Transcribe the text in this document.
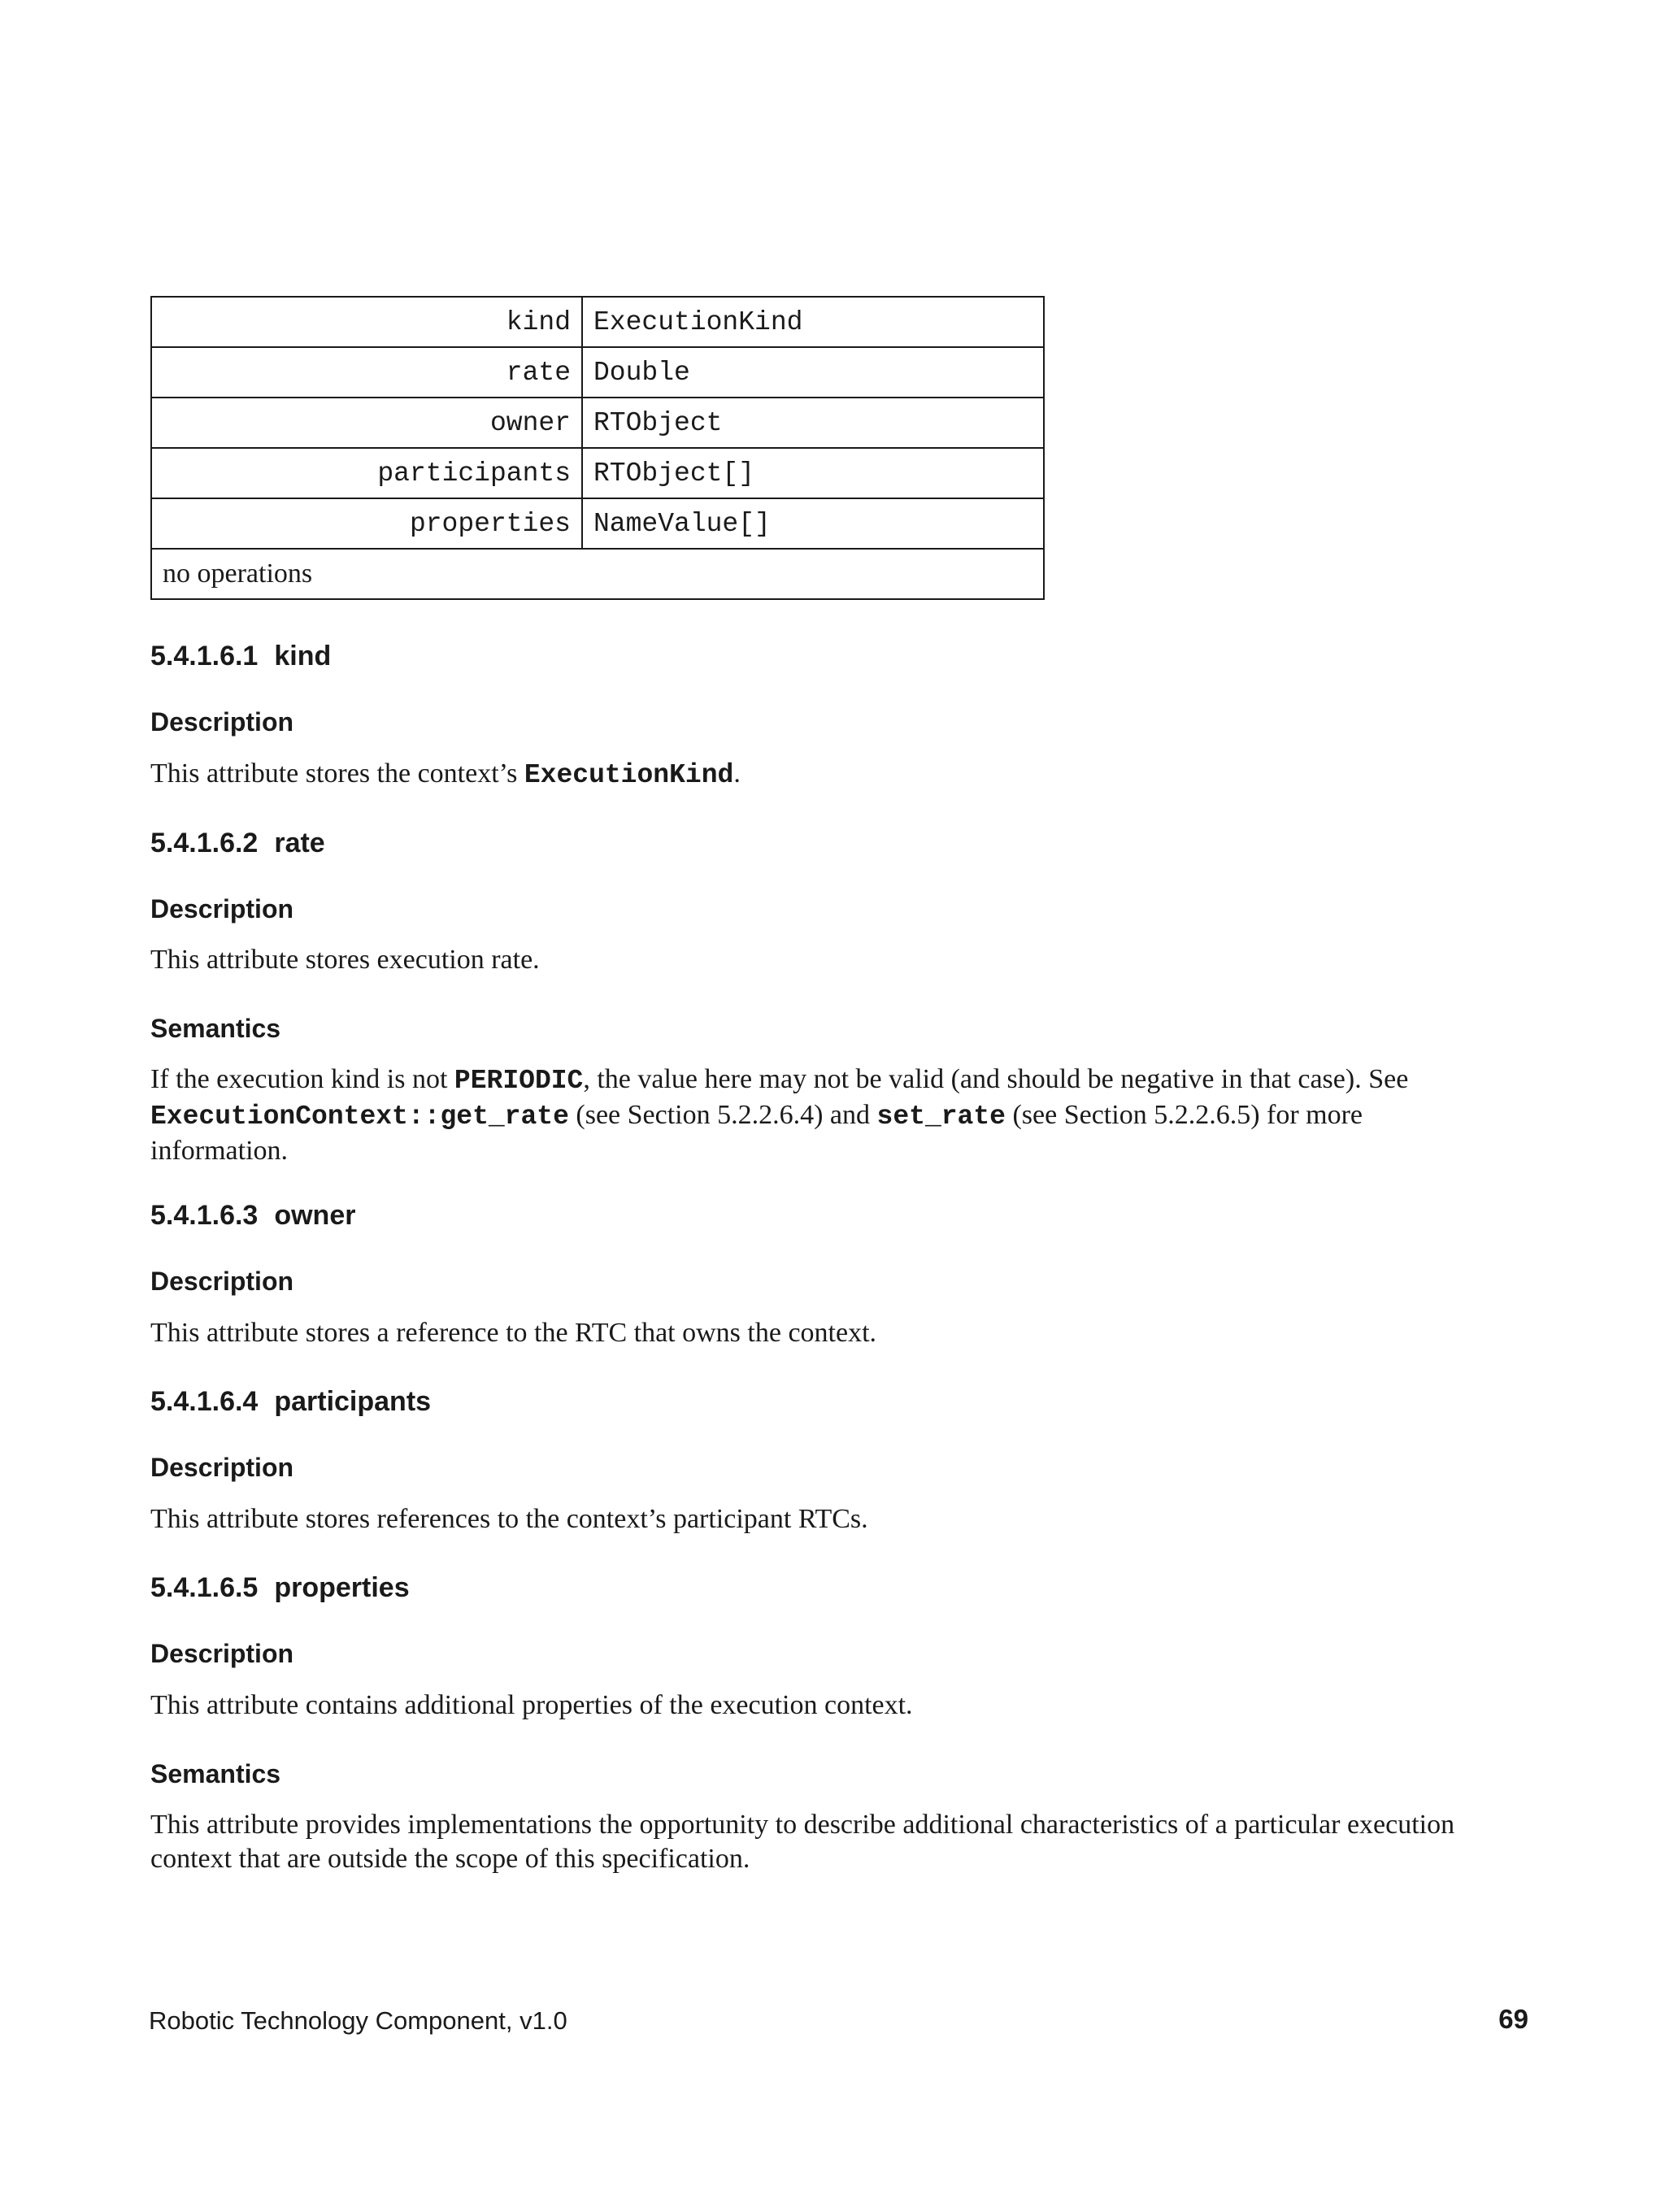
kind	ExecutionKind
rate	Double
owner	RTObject
participants	RTObject[]
properties	NameValue[]
no operations	
5.4.1.6.1 kind
Description

This attribute stores the context’s ExecutionKind.

5.4.1.6.2 rate
Description

This attribute stores execution rate.

Semantics

If the execution kind is not PERIODIC, the value here may not be valid (and should be negative in that case). See
ExecutionContext::get_rate (see Section 5.2.2.6.4) and set_rate (see Section 5.2.2.6.5) for more
information.

5.4.1.6.3 owner
Description

This attribute stores a reference to the RTC that owns the context.

5.4.1.6.4 participants
Description

This attribute stores references to the context’s participant RTCs.

5.4.1.6.5 properties
Description

This attribute contains additional properties of the execution context.

Semantics

This attribute provides implementations the opportunity to describe additional characteristics of a particular execution
context that are outside the scope of this specification.

Robotic Technology Component, v1.0	69
